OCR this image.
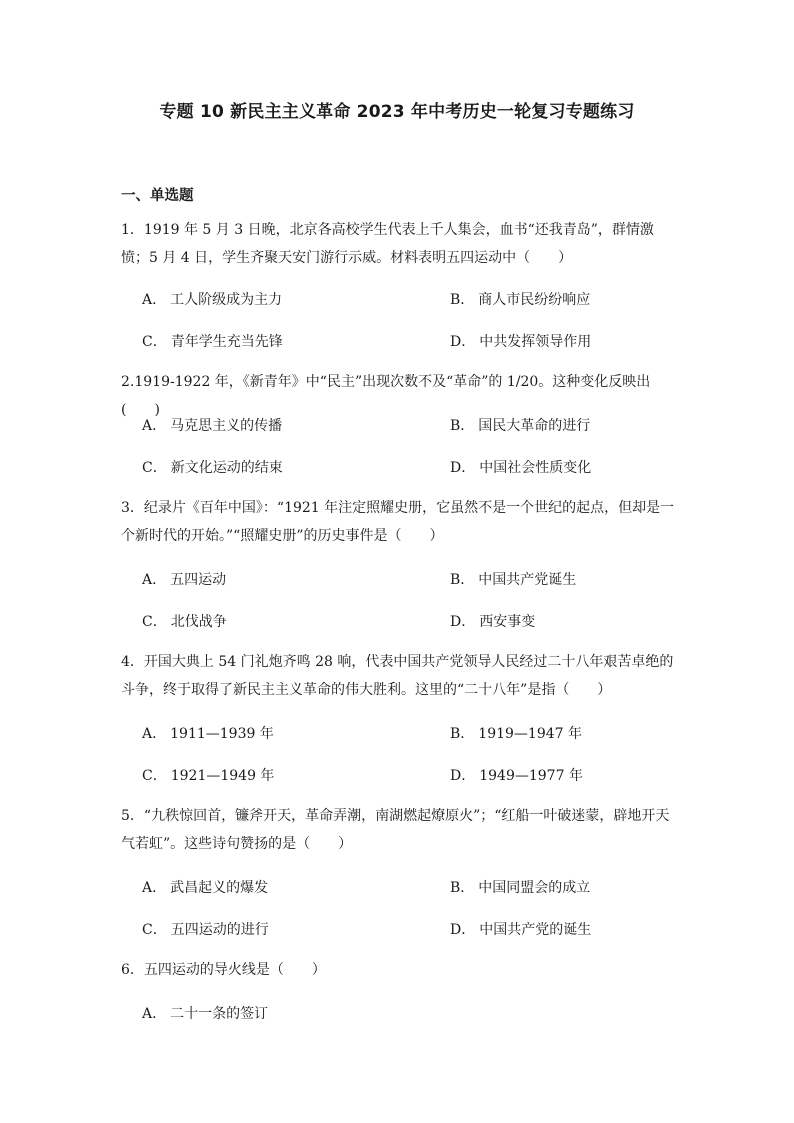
专题 10 新民主主义革命 2023 年中考历史一轮复习专题练习
一、单选题
1．1919 年 5 月 3 日晚，北京各高校学生代表上千人集会，血书“还我青岛”，群情激愤；5 月 4 日，学生齐聚天安门游行示威。材料表明五四运动中（　　）
A． 工人阶级成为主力	B． 商人市民纷纷响应
C． 青年学生充当先锋	D． 中共发挥领导作用
2.1919-1922 年，《新青年》中“民主”出现次数不及“革命”的 1/20。这种变化反映出(　　)
A． 马克思主义的传播	B． 国民大革命的进行
C． 新文化运动的结束	D． 中国社会性质变化
3．纪录片《百年中国》：“1921 年注定照耀史册，它虽然不是一个世纪的起点，但却是一个新时代的开始。”“照耀史册”的历史事件是（　　）
A． 五四运动	B． 中国共产党诞生
C． 北伐战争	D． 西安事变
4．开国大典上 54 门礼炮齐鸣 28 响，代表中国共产党领导人民经过二十八年艰苦卓绝的斗争，终于取得了新民主主义革命的伟大胜利。这里的“二十八年”是指（　　）
A． 1911—1939 年	B． 1919—1947 年
C． 1921—1949 年	D． 1949—1977 年
5．“九秩惊回首，镰斧开天，革命弄潮，南湖燃起燎原火”；“红船一叶破迷蒙，辟地开天气若虹”。这些诗句赞扬的是（　　）
A． 武昌起义的爆发	B． 中国同盟会的成立
C． 五四运动的进行	D． 中国共产党的诞生
6．五四运动的导火线是（　　）
A． 二十一条的签订
